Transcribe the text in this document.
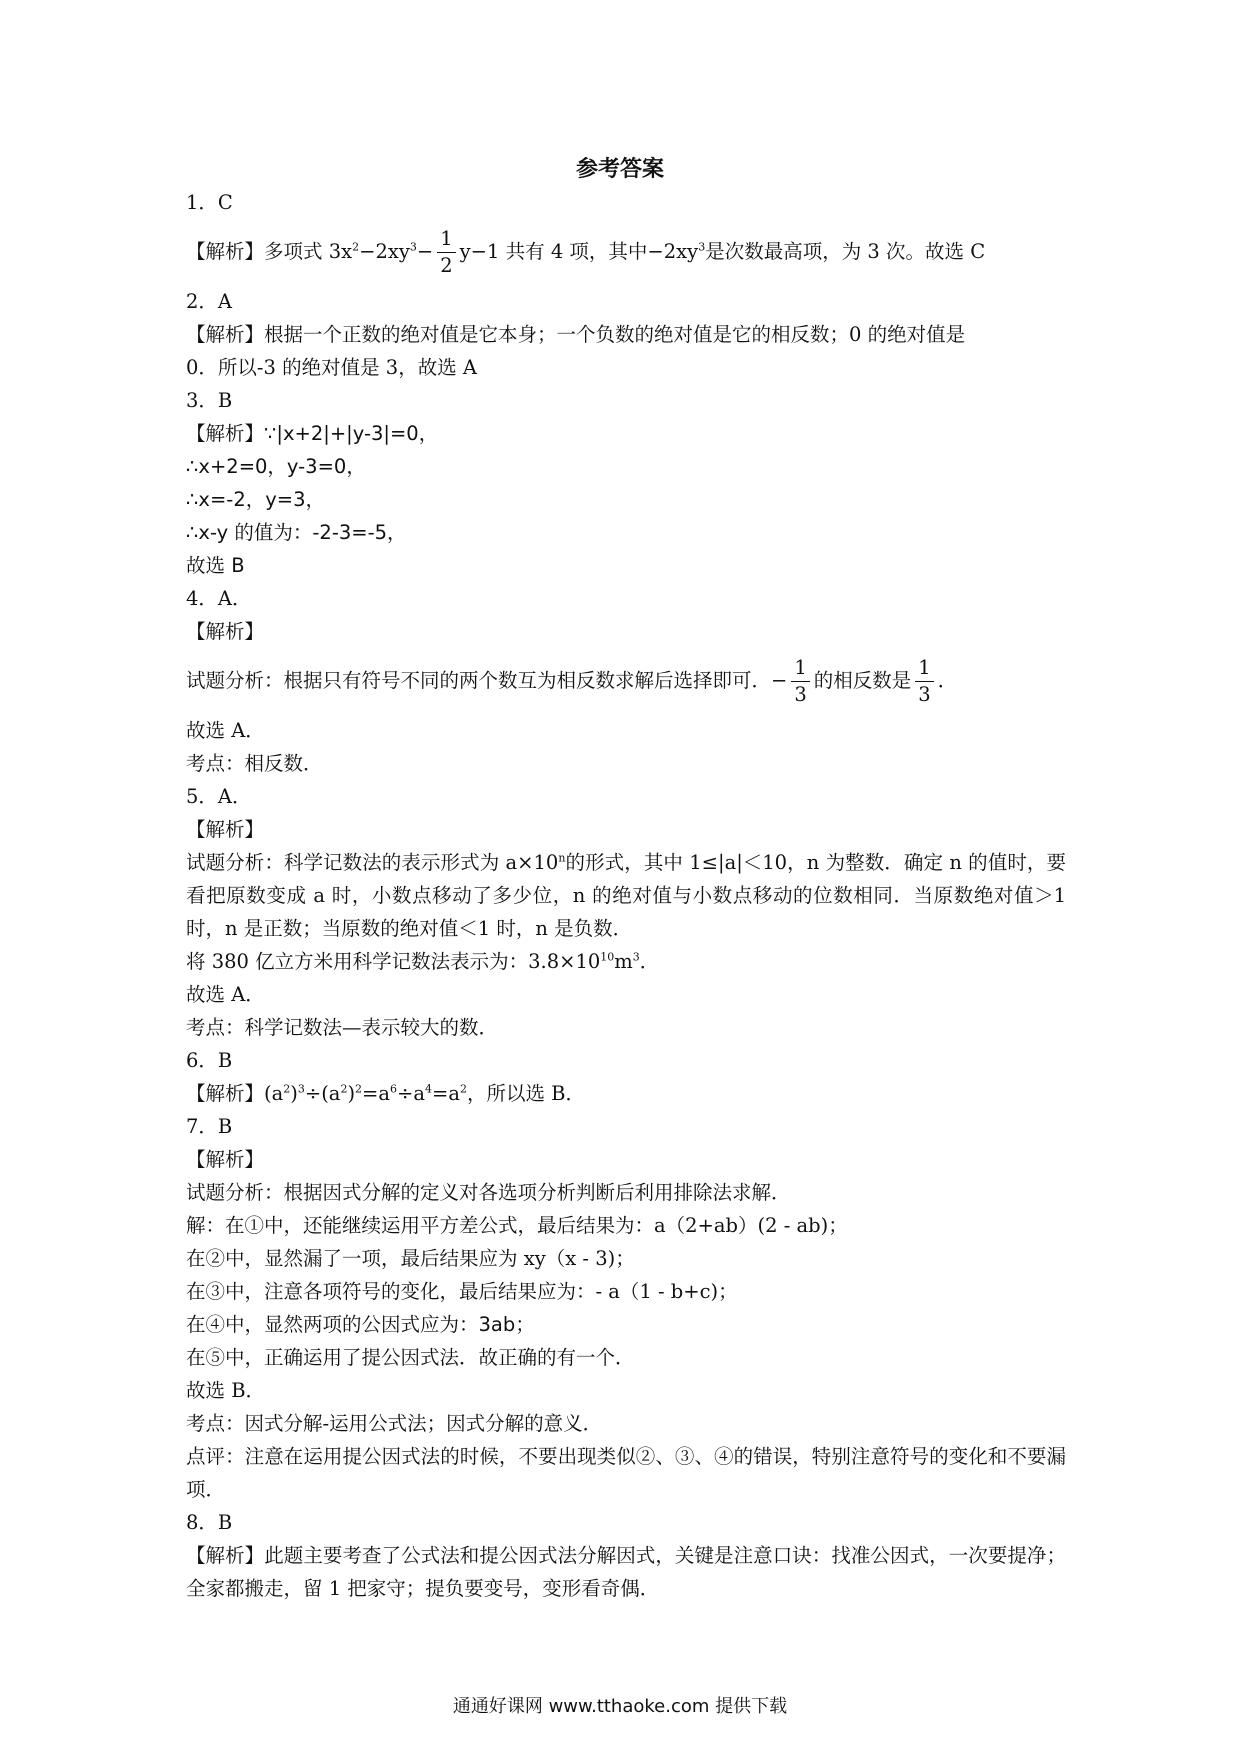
参考答案
1．C
【解析】多项式 $3x^2-2xy^3- \frac{1}{2} y-1$ 共有 4 项，其中$-2xy^3$是次数最高项，为 3 次。故选 C
2．A
【解析】根据一个正数的绝对值是它本身；一个负数的绝对值是它的相反数；0 的绝对值是
0．所以-3 的绝对值是 3，故选 A
3．B
【解析】∵|x+2|+|y-3|=0，
∴x+2=0，y-3=0，
∴x=-2，y=3，
∴x-y 的值为：-2-3=-5，
故选 B
4．A．
【解析】
试题分析：根据只有符号不同的两个数互为相反数求解后选择即可．− $\frac{1}{3}$ 的相反数是 $\frac{1}{3}$ ．
故选 A．
考点：相反数．
5．A．
【解析】
试题分析：科学记数法的表示形式为 $a\times 10^n$的形式，其中 1≤|a|＜10，n 为整数．确定 n 的值时，要看把原数变成 a 时，小数点移动了多少位，n 的绝对值与小数点移动的位数相同．当原数绝对值＞1 时，n 是正数；当原数的绝对值＜1 时，n 是负数．
将 380 亿立方米用科学记数法表示为：$3.8\times 10^{10}m^3$．
故选 A．
考点：科学记数法—表示较大的数．
6．B
【解析】$(a^2)^3\div(a^2)^2=a^6\div a^4=a^2$，所以选 B．
7．B
【解析】
试题分析：根据因式分解的定义对各选项分析判断后利用排除法求解．
解：在①中，还能继续运用平方差公式，最后结果为：a（2+ab）(2 - ab)；
在②中，显然漏了一项，最后结果应为 xy（x - 3)；
在③中，注意各项符号的变化，最后结果应为：- a（1 - b+c)；
在④中，显然两项的公因式应为：3ab；
在⑤中，正确运用了提公因式法．故正确的有一个．
故选 B．
考点：因式分解-运用公式法；因式分解的意义．
点评：注意在运用提公因式法的时候，不要出现类似②、③、④的错误，特别注意符号的变化和不要漏项．
8．B
【解析】此题主要考查了公式法和提公因式法分解因式，关键是注意口诀：找准公因式，一次要提净；全家都搬走，留 1 把家守；提负要变号，变形看奇偶．
通通好课网 www.tthaoke.com 提供下载
